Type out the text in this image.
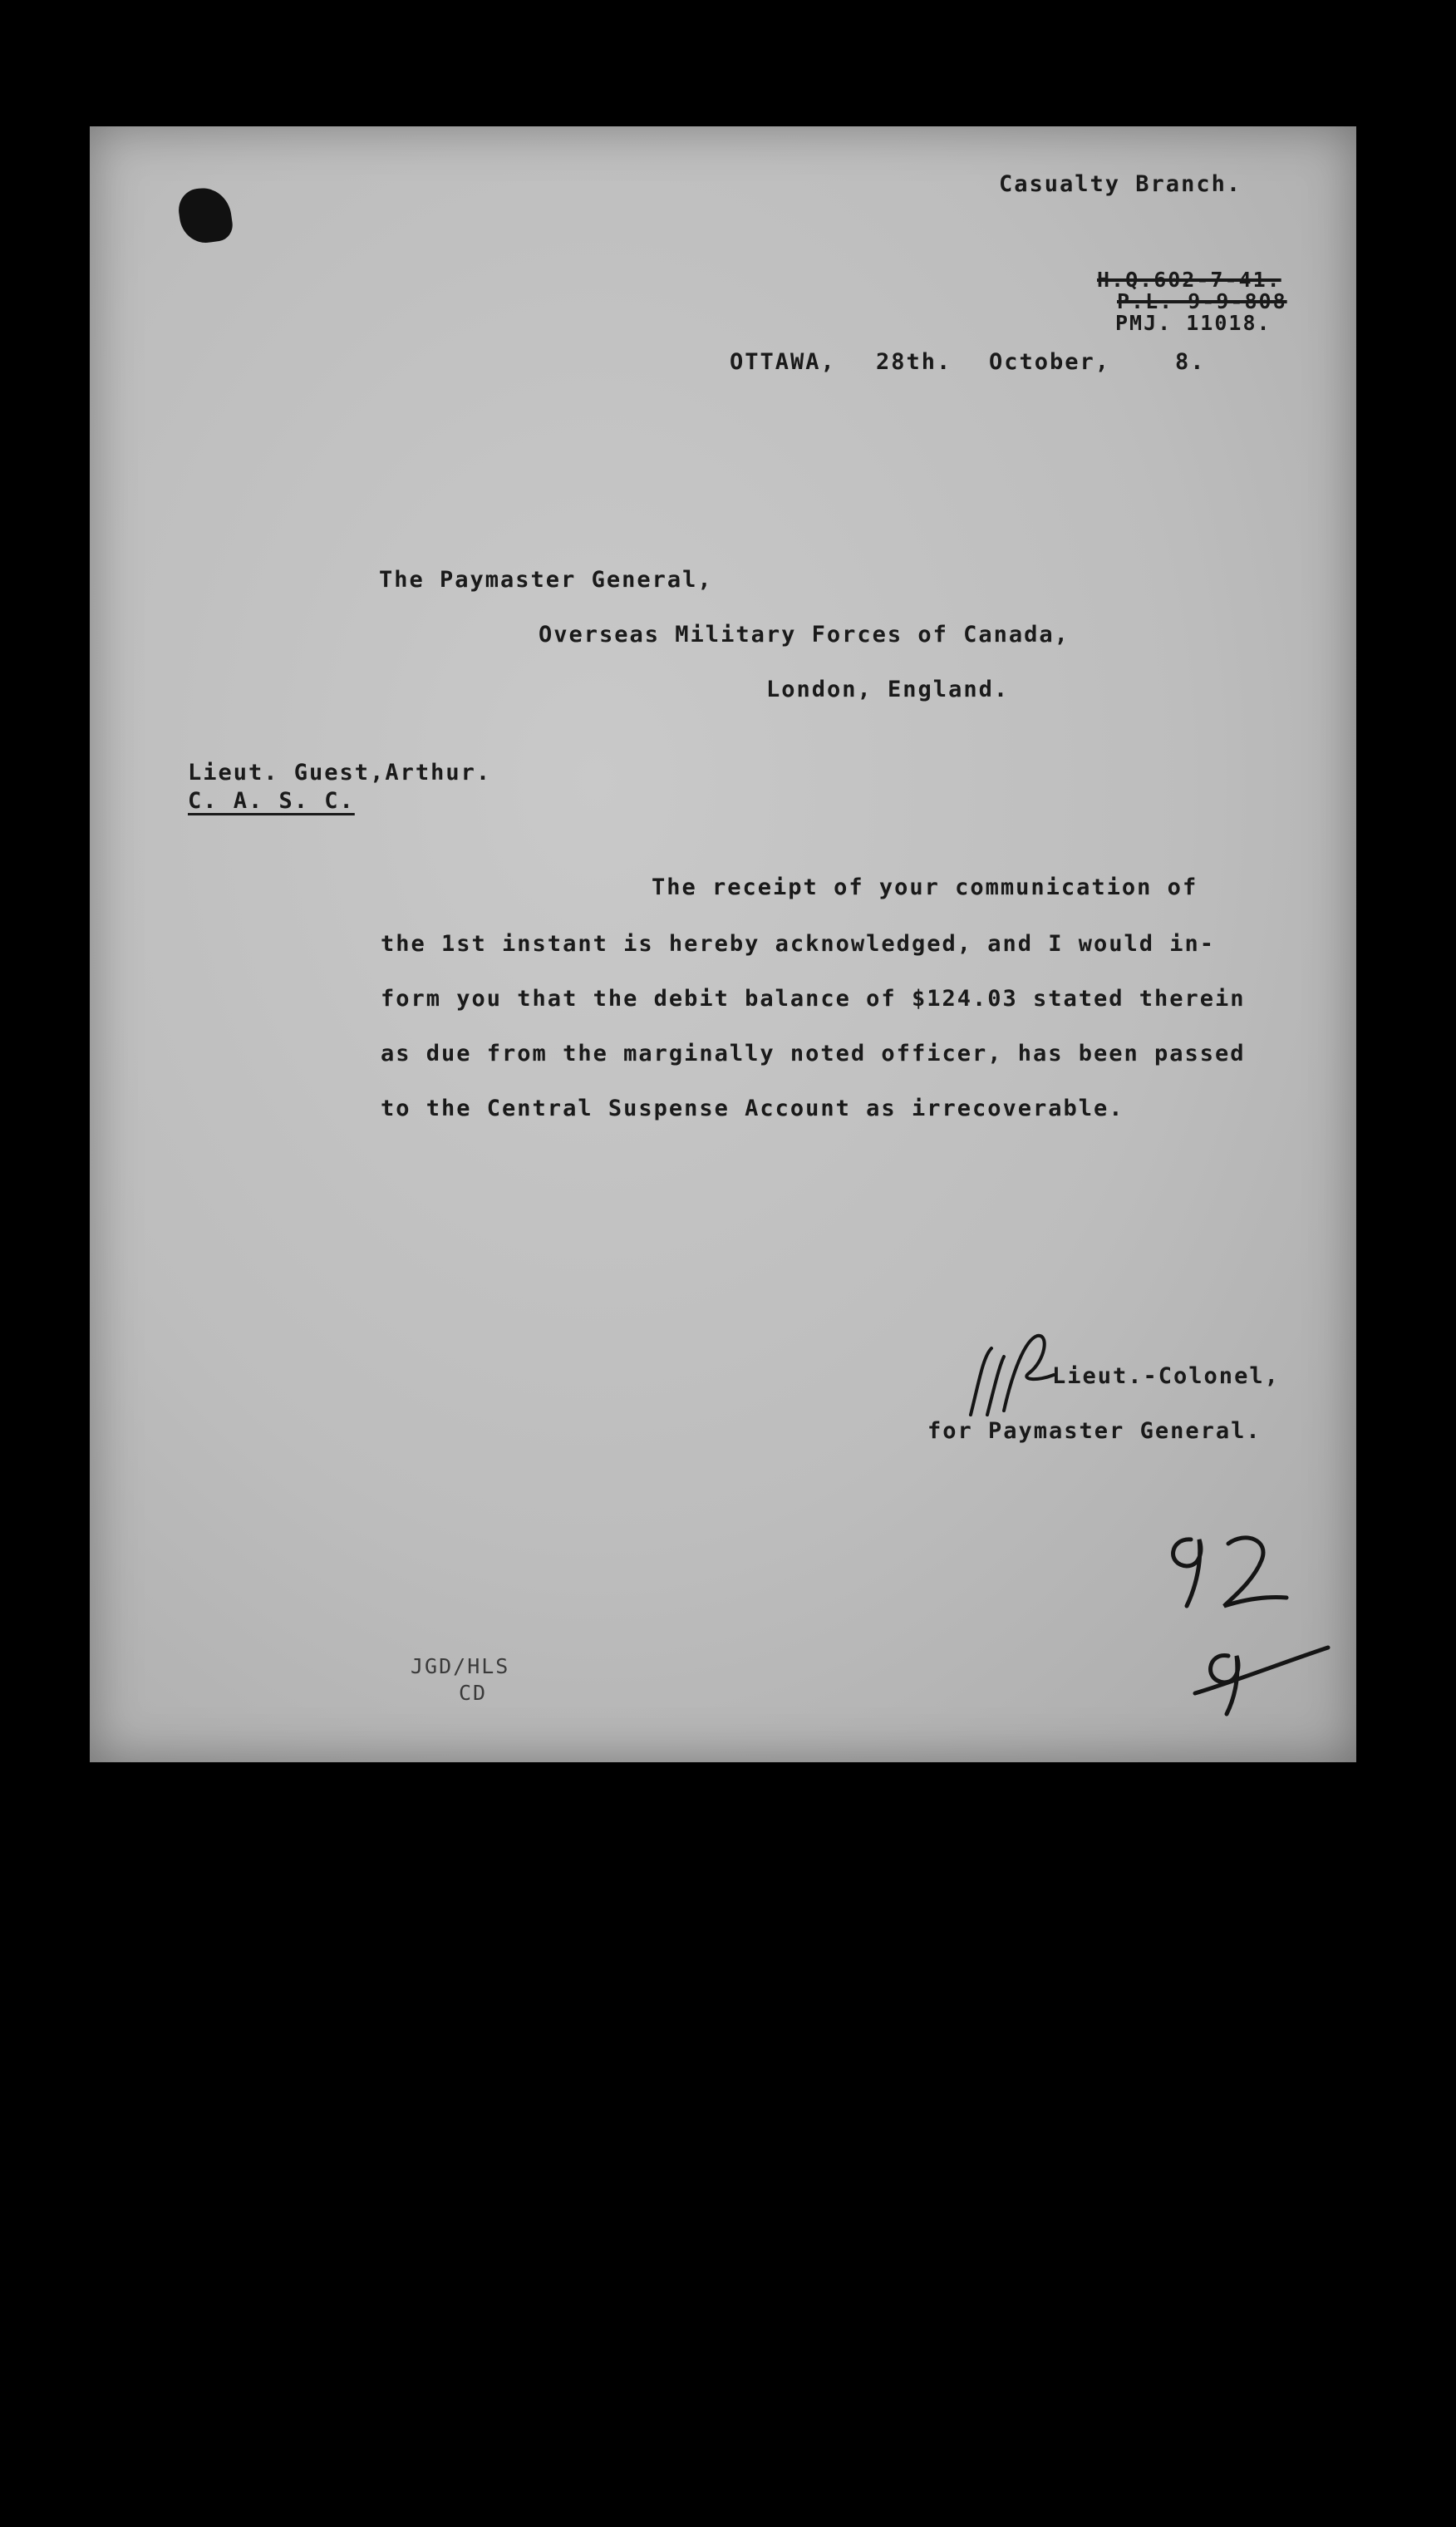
Casualty Branch.
H.Q.602-7-41.
P.L. 9-9-808
PMJ. 11018.
OTTAWA, 28th. October,	8.
The Paymaster General,
Overseas Military Forces of Canada,
London, England.
Lieut. Guest,Arthur.
C. A. S. C.
The receipt of your communication of
the 1st instant is hereby acknowledged, and I would in-
form you that the debit balance of $124.03 stated therein
as due from the marginally noted officer, has been passed
to the Central Suspense Account as irrecoverable.
Lieut.-Colonel,
for Paymaster General.
JGD/HLS
CD
